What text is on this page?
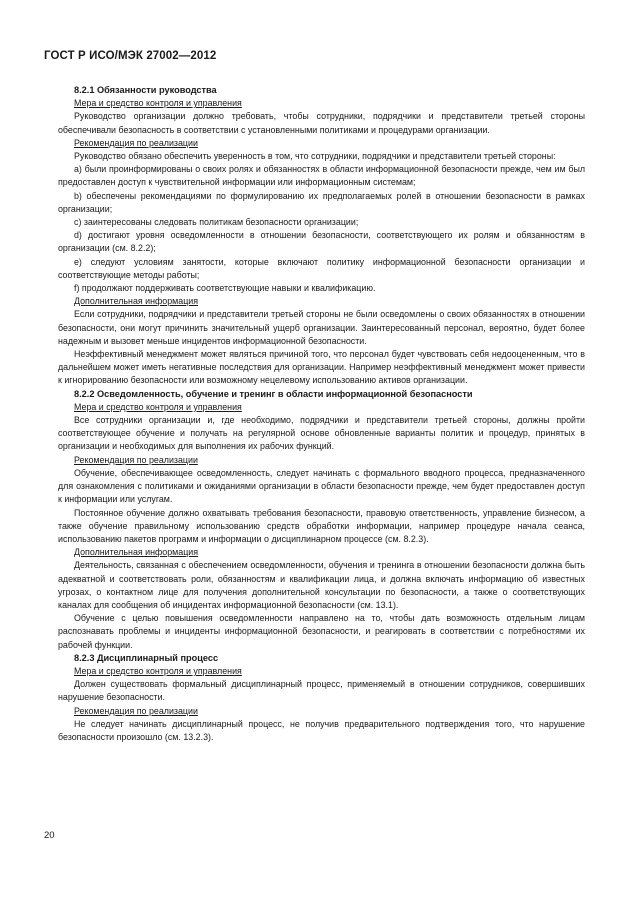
ГОСТ Р ИСО/МЭК 27002—2012

8.2.1 Обязанности руководства

Мера и средство контроля и управления

Руководство организации должно требовать, чтобы сотрудники, подрядчики и представители третьей стороны обеспечивали безопасность в соответствии с установленными политиками и процедурами организации.

Рекомендация по реализации

Руководство обязано обеспечить уверенность в том, что сотрудники, подрядчики и представители третьей стороны:

a) были проинформированы о своих ролях и обязанностях в области информационной безопасности прежде, чем им был предоставлен доступ к чувствительной информации или информационным системам;

b) обеспечены рекомендациями по формулированию их предполагаемых ролей в отношении безопасности в рамках организации;

c) заинтересованы следовать политикам безопасности организации;

d) достигают уровня осведомленности в отношении безопасности, соответствующего их ролям и обязанностям в организации (см. 8.2.2);

e) следуют условиям занятости, которые включают политику информационной безопасности организации и соответствующие методы работы;

f) продолжают поддерживать соответствующие навыки и квалификацию.

Дополнительная информация

Если сотрудники, подрядчики и представители третьей стороны не были осведомлены о своих обязанностях в отношении безопасности, они могут причинить значительный ущерб организации. Заинтересованный персонал, вероятно, будет более надежным и вызовет меньше инцидентов информационной безопасности.

Неэффективный менеджмент может являться причиной того, что персонал будет чувствовать себя недооцененным, что в дальнейшем может иметь негативные последствия для организации. Например неэффективный менеджмент может привести к игнорированию безопасности или возможному нецелевому использованию активов организации.

8.2.2 Осведомленность, обучение и тренинг в области информационной безопасности

Мера и средство контроля и управления

Все сотрудники организации и, где необходимо, подрядчики и представители третьей стороны, должны пройти соответствующее обучение и получать на регулярной основе обновленные варианты политик и процедур, принятых в организации и необходимых для выполнения их рабочих функций.

Рекомендация по реализации

Обучение, обеспечивающее осведомленность, следует начинать с формального вводного процесса, предназначенного для ознакомления с политиками и ожиданиями организации в области безопасности прежде, чем будет предоставлен доступ к информации или услугам.

Постоянное обучение должно охватывать требования безопасности, правовую ответственность, управление бизнесом, а также обучение правильному использованию средств обработки информации, например процедуре начала сеанса, использованию пакетов программ и информации о дисциплинарном процессе (см. 8.2.3).

Дополнительная информация

Деятельность, связанная с обеспечением осведомленности, обучения и тренинга в отношении безопасности должна быть адекватной и соответствовать роли, обязанностям и квалификации лица, и должна включать информацию об известных угрозах, о контактном лице для получения дополнительной консультации по безопасности, а также о соответствующих каналах для сообщения об инцидентах информационной безопасности (см. 13.1).

Обучение с целью повышения осведомленности направлено на то, чтобы дать возможность отдельным лицам распознавать проблемы и инциденты информационной безопасности, и реагировать в соответствии с потребностями их рабочей функции.

8.2.3 Дисциплинарный процесс

Мера и средство контроля и управления

Должен существовать формальный дисциплинарный процесс, применяемый в отношении сотрудников, совершивших нарушение безопасности.

Рекомендация по реализации

Не следует начинать дисциплинарный процесс, не получив предварительного подтверждения того, что нарушение безопасности произошло (см. 13.2.3).

20
